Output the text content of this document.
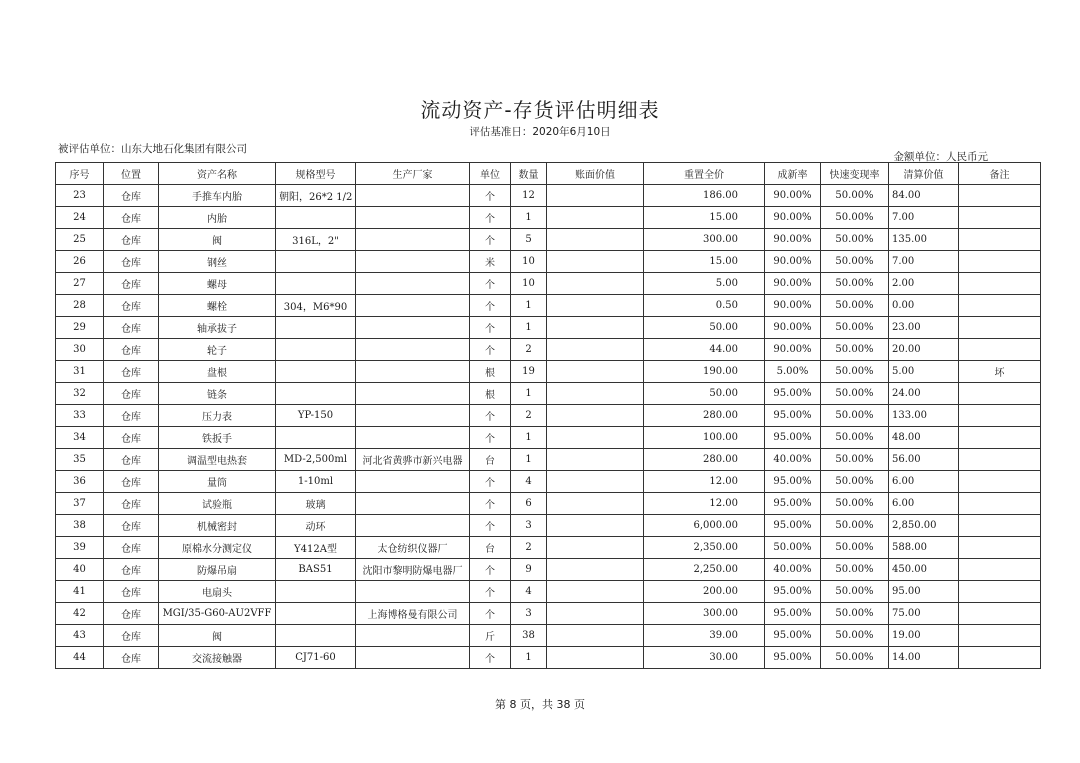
流动资产-存货评估明细表
评估基准日：2020年6月10日
被评估单位：山东大地石化集团有限公司
金额单位：人民币元
序号	位置	资产名称	规格型号	生产厂家	单位	数量	账面价值	重置全价	成新率	快速变现率	清算价值	备注
23	仓库	手推车内胎	朝阳，26*2 1/2		个	12		186.00	90.00%	50.00%	84.00	
24	仓库	内胎			个	1		15.00	90.00%	50.00%	7.00	
25	仓库	阀	316L，2"		个	5		300.00	90.00%	50.00%	135.00	
26	仓库	钢丝			米	10		15.00	90.00%	50.00%	7.00	
27	仓库	螺母			个	10		5.00	90.00%	50.00%	2.00	
28	仓库	螺栓	304，M6*90		个	1		0.50	90.00%	50.00%	0.00	
29	仓库	轴承拔子			个	1		50.00	90.00%	50.00%	23.00	
30	仓库	轮子			个	2		44.00	90.00%	50.00%	20.00	
31	仓库	盘根			根	19		190.00	5.00%	50.00%	5.00	坏
32	仓库	链条			根	1		50.00	95.00%	50.00%	24.00	
33	仓库	压力表	YP-150		个	2		280.00	95.00%	50.00%	133.00	
34	仓库	铁扳手			个	1		100.00	95.00%	50.00%	48.00	
35	仓库	调温型电热套	MD-2,500ml	河北省黄骅市新兴电器	台	1		280.00	40.00%	50.00%	56.00	
36	仓库	量筒	1-10ml		个	4		12.00	95.00%	50.00%	6.00	
37	仓库	试验瓶	玻璃		个	6		12.00	95.00%	50.00%	6.00	
38	仓库	机械密封	动环		个	3		6,000.00	95.00%	50.00%	2,850.00	
39	仓库	原棉水分测定仪	Y412A型	太仓纺织仪器厂	台	2		2,350.00	50.00%	50.00%	588.00	
40	仓库	防爆吊扇	BAS51	沈阳市黎明防爆电器厂	个	9		2,250.00	40.00%	50.00%	450.00	
41	仓库	电扇头			个	4		200.00	95.00%	50.00%	95.00	
42	仓库	MGI/35-G60-AU2VFF		上海博格曼有限公司	个	3		300.00	95.00%	50.00%	75.00	
43	仓库	阀			斤	38		39.00	95.00%	50.00%	19.00	
44	仓库	交流接触器	CJ71-60		个	1		30.00	95.00%	50.00%	14.00	
第 8 页，共 38 页
